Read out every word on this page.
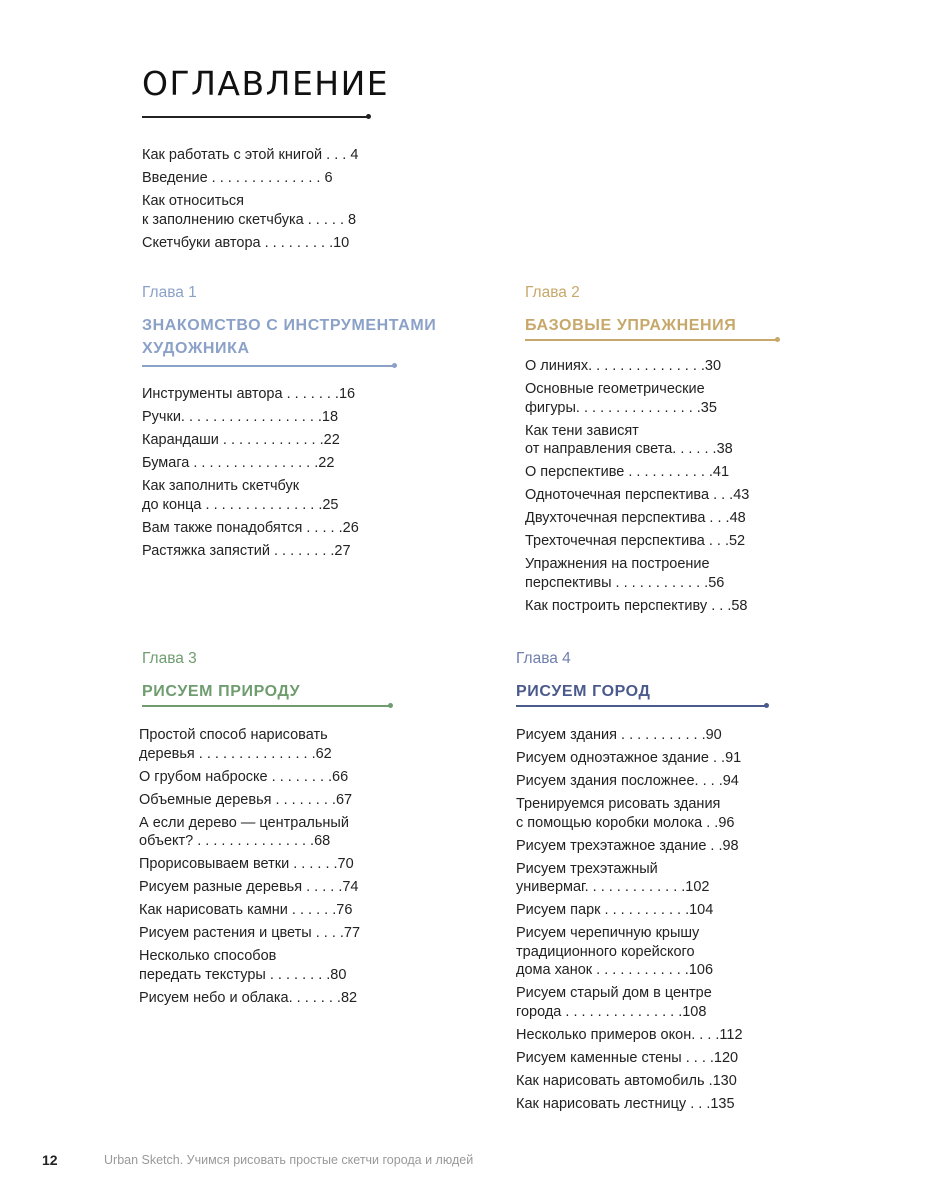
ОГЛАВЛЕНИЕ
Как работать с этой книгой . . . 4
Введение . . . . . . . . . . . . . . 6
Как относиться
к заполнению скетчбука . . . . . 8
Скетчбуки автора . . . . . . . . .10
Глава 1
ЗНАКОМСТВО С ИНСТРУМЕНТАМИ
ХУДОЖНИКА
Инструменты автора . . . . . . .16
Ручки. . . . . . . . . . . . . . . . . .18
Карандаши . . . . . . . . . . . . .22
Бумага . . . . . . . . . . . . . . . .22
Как заполнить скетчбук
до конца . . . . . . . . . . . . . . .25
Вам также понадобятся . . . . .26
Растяжка запястий . . . . . . . .27
Глава 2
БАЗОВЫЕ УПРАЖНЕНИЯ
О линиях. . . . . . . . . . . . . . .30
Основные геометрические
фигуры. . . . . . . . . . . . . . . .35
Как тени зависят
от направления света. . . . . .38
О перспективе . . . . . . . . . . .41
Одноточечная перспектива . . .43
Двухточечная перспектива . . .48
Трехточечная перспектива . . .52
Упражнения на построение
перспективы . . . . . . . . . . . .56
Как построить перспективу . . .58
Глава 3
РИСУЕМ ПРИРОДУ
Простой способ нарисовать
деревья . . . . . . . . . . . . . . .62
О грубом наброске . . . . . . . .66
Объемные деревья . . . . . . . .67
А если дерево — центральный
объект? . . . . . . . . . . . . . . .68
Прорисовываем ветки . . . . . .70
Рисуем разные деревья . . . . .74
Как нарисовать камни . . . . . .76
Рисуем растения и цветы . . . .77
Несколько способов
передать текстуры . . . . . . . .80
Рисуем небо и облака. . . . . . .82
Глава 4
РИСУЕМ ГОРОД
Рисуем здания . . . . . . . . . . .90
Рисуем одноэтажное здание . .91
Рисуем здания посложнее. . . .94
Тренируемся рисовать здания
с помощью коробки молока . .96
Рисуем трехэтажное здание . .98
Рисуем трехэтажный
универмаг. . . . . . . . . . . . .102
Рисуем парк . . . . . . . . . . .104
Рисуем черепичную крышу
традиционного корейского
дома ханок . . . . . . . . . . . .106
Рисуем старый дом в центре
города . . . . . . . . . . . . . . .108
Несколько примеров окон. . . .112
Рисуем каменные стены . . . .120
Как нарисовать автомобиль .130
Как нарисовать лестницу . . .135
12	Urban Sketch. Учимся рисовать простые скетчи города и людей
